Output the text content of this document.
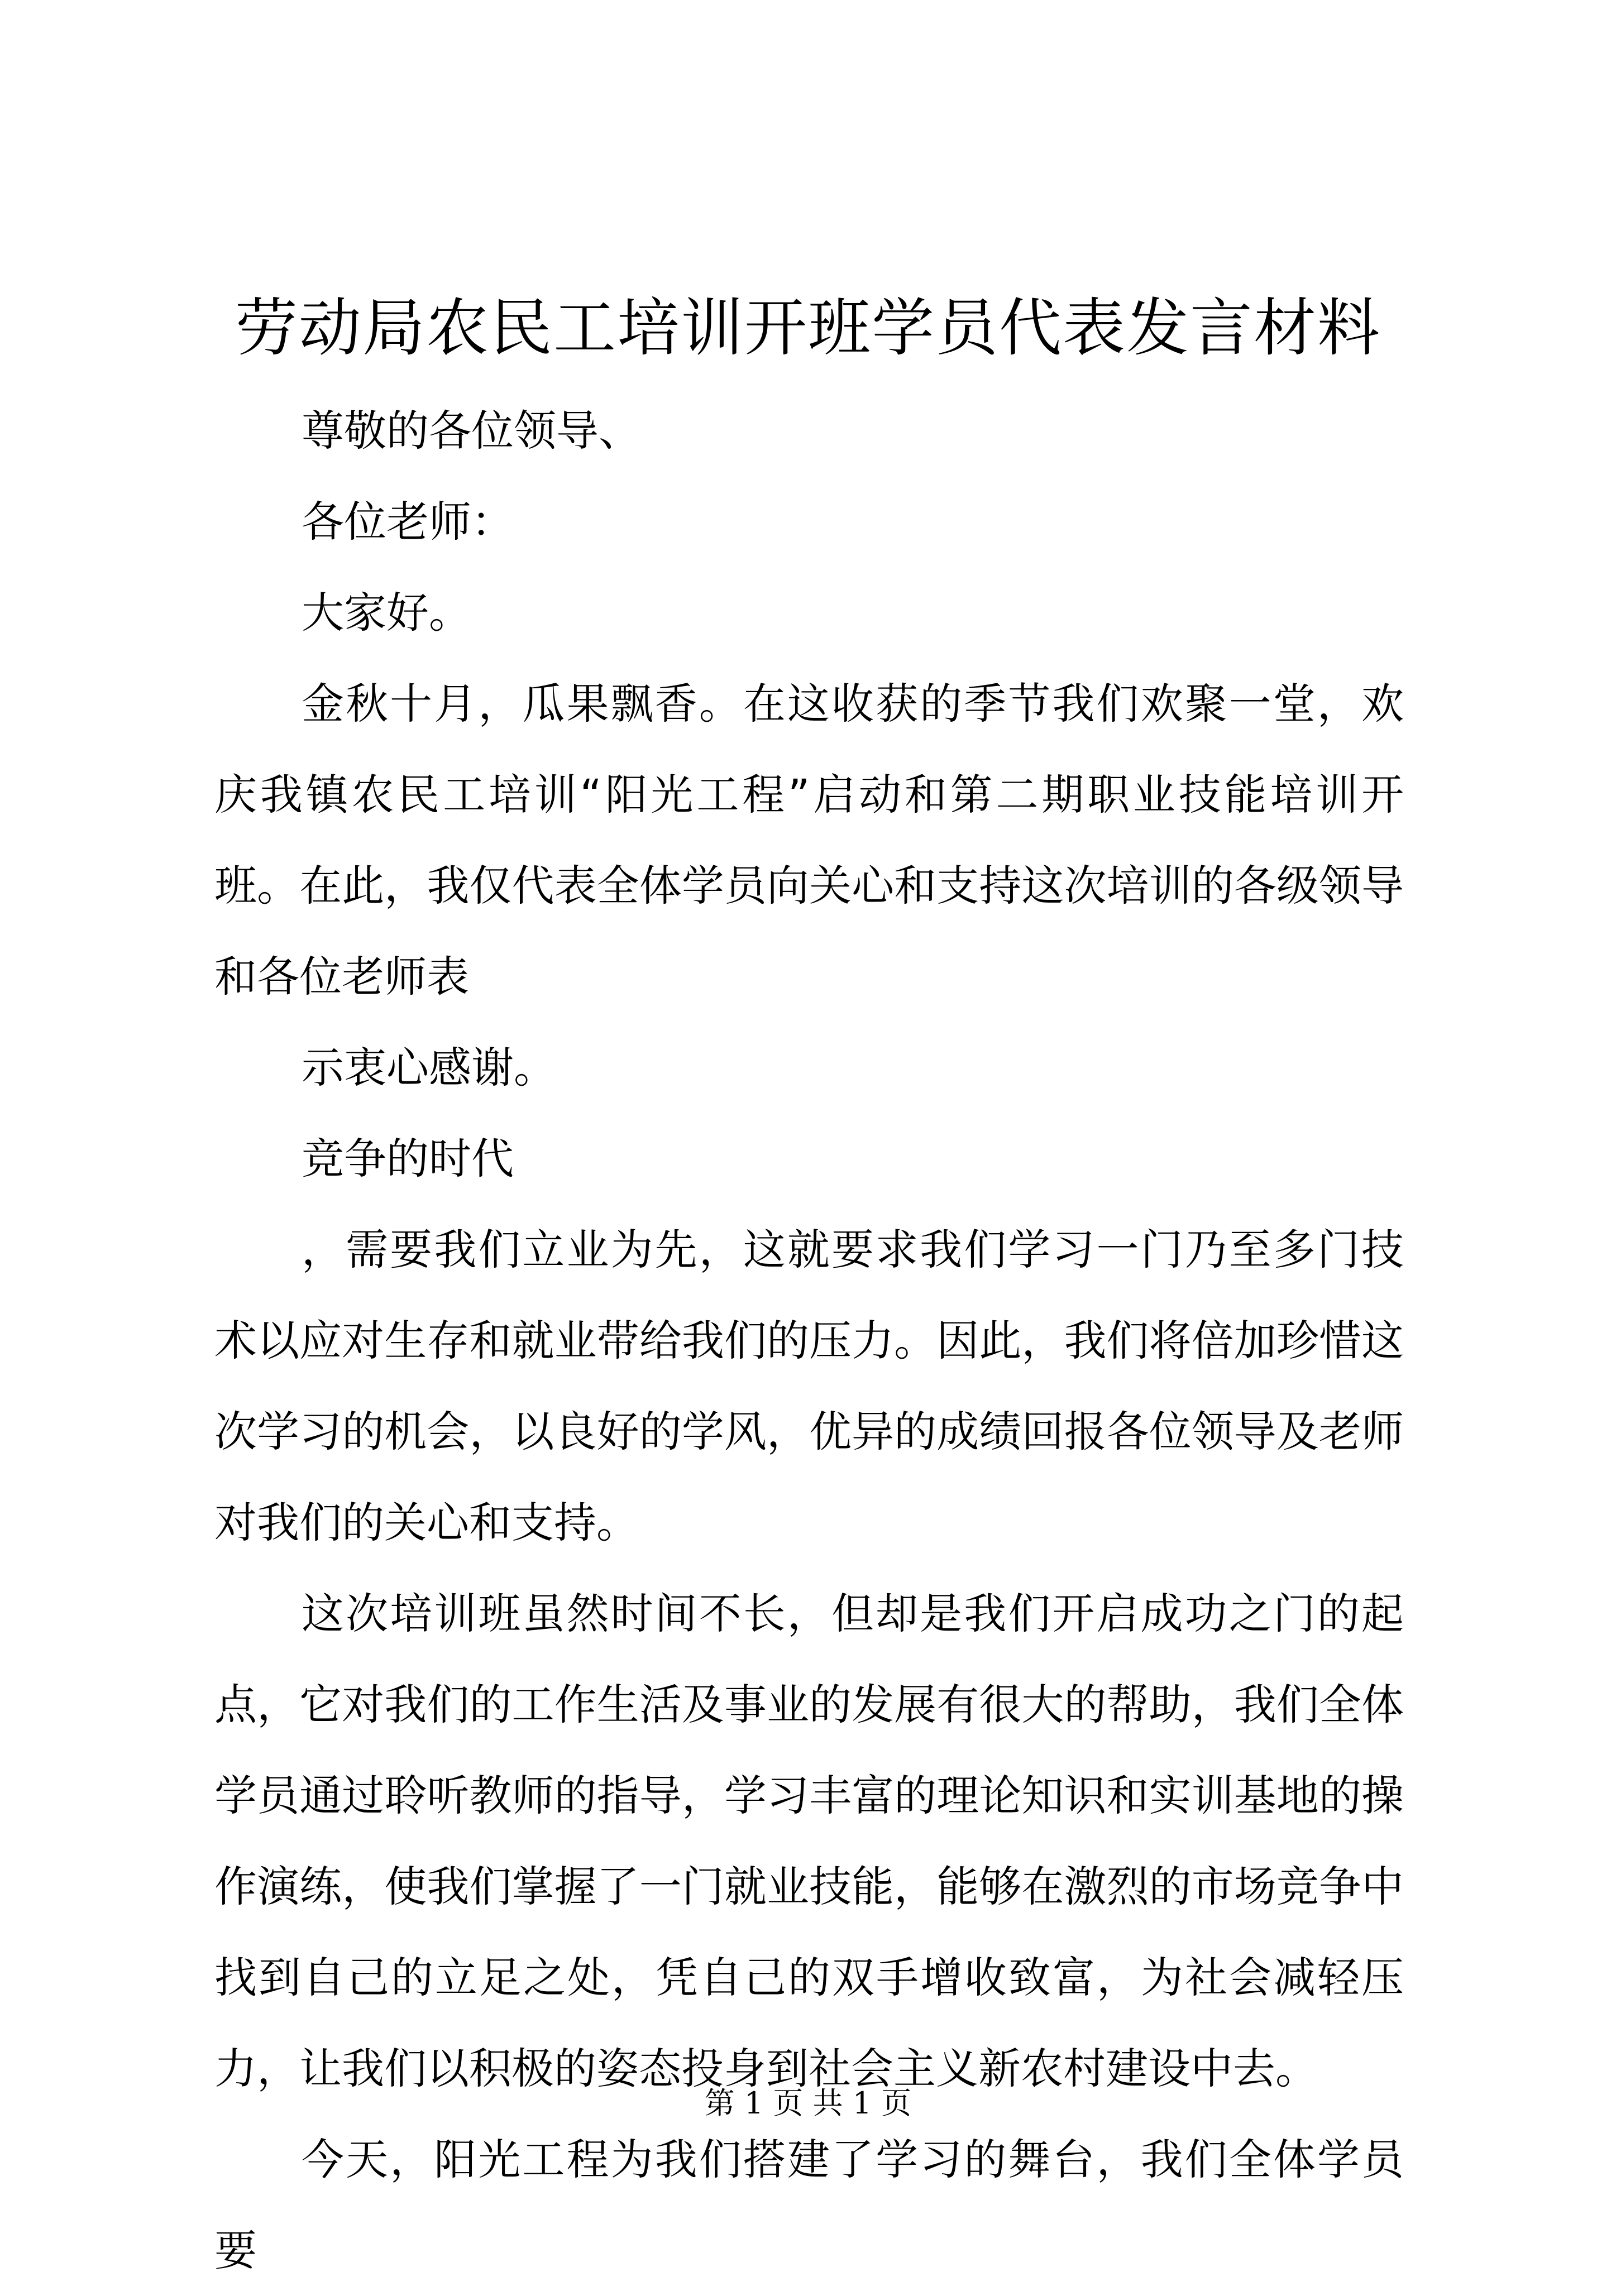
劳动局农民工培训开班学员代表发言材料

尊敬的各位领导、

各位老师：

大家好。

金秋十月，瓜果飘香。在这收获的季节我们欢聚一堂，欢庆我镇农民工培训“阳光工程”启动和第二期职业技能培训开班。在此，我仅代表全体学员向关心和支持这次培训的各级领导和各位老师表

示衷心感谢。

竞争的时代

，需要我们立业为先，这就要求我们学习一门乃至多门技术以应对生存和就业带给我们的压力。因此，我们将倍加珍惜这次学习的机会，以良好的学风，优异的成绩回报各位领导及老师对我们的关心和支持。

这次培训班虽然时间不长，但却是我们开启成功之门的起点，它对我们的工作生活及事业的发展有很大的帮助，我们全体学员通过聆听教师的指导，学习丰富的理论知识和实训基地的操作演练，使我们掌握了一门就业技能，能够在激烈的市场竞争中找到自己的立足之处，凭自己的双手增收致富，为社会减轻压力，让我们以积极的姿态投身到社会主义新农村建设中去。

今天，阳光工程为我们搭建了学习的舞台，我们全体学员要

第 1 页 共 1 页
